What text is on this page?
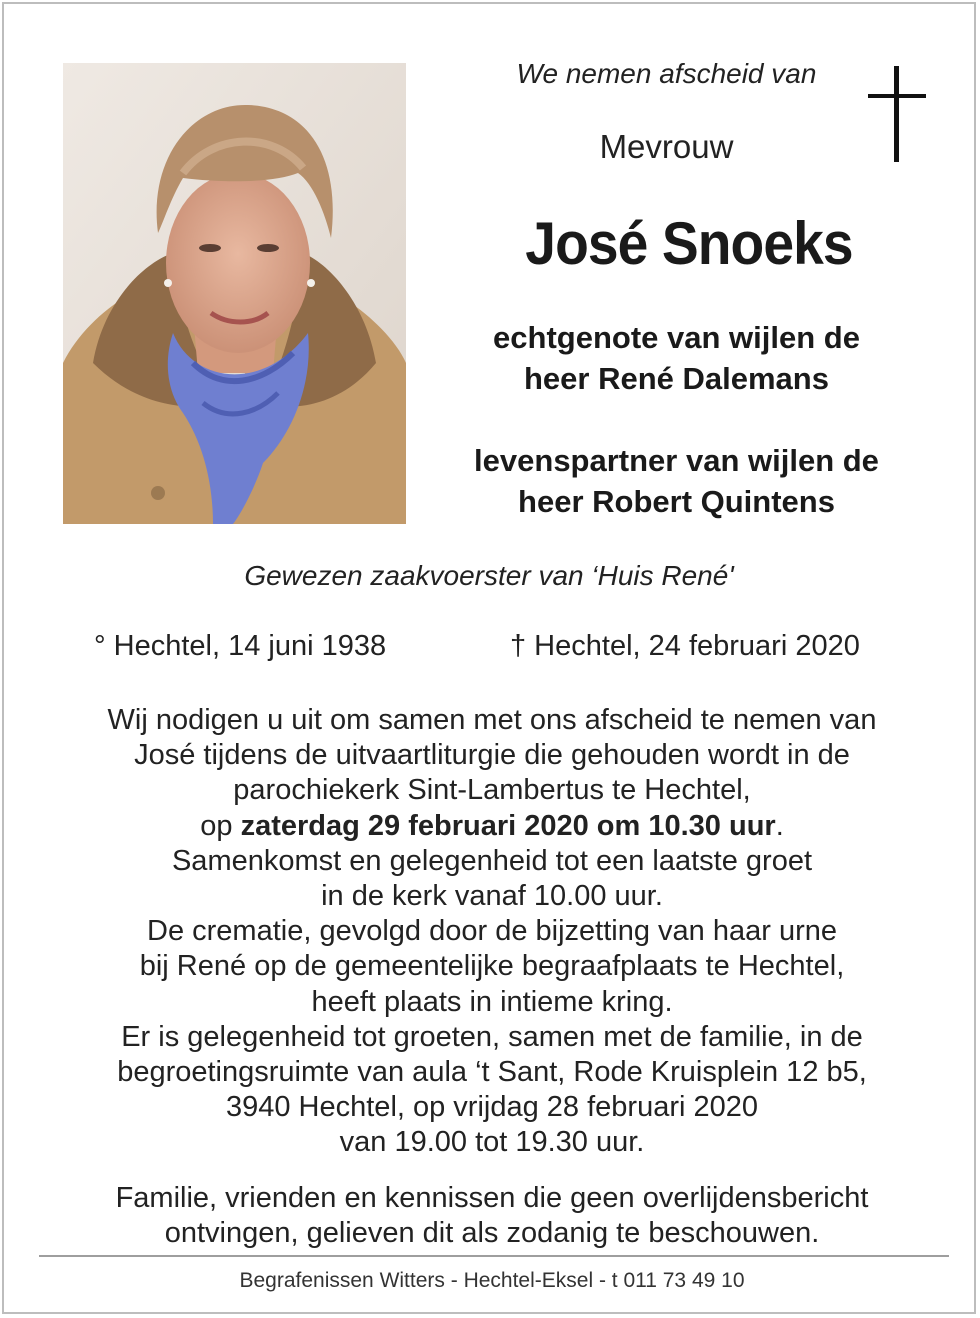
We nemen afscheid van
Mevrouw
José Snoeks
echtgenote van wijlen de
heer René Dalemans
levenspartner van wijlen de
heer Robert Quintens
Gewezen zaakvoerster van ‘Huis René'
° Hechtel, 14 juni 1938	† Hechtel, 24 februari 2020
Wij nodigen u uit om samen met ons afscheid te nemen van
José tijdens de uitvaartliturgie die gehouden wordt in de
parochiekerk Sint-Lambertus te Hechtel,
op zaterdag 29 februari 2020 om 10.30 uur.
Samenkomst en gelegenheid tot een laatste groet
in de kerk vanaf 10.00 uur.
De crematie, gevolgd door de bijzetting van haar urne
bij René op de gemeentelijke begraafplaats te Hechtel,
heeft plaats in intieme kring.
Er is gelegenheid tot groeten, samen met de familie, in de
begroetingsruimte van aula ‘t Sant, Rode Kruisplein 12 b5,
3940 Hechtel, op vrijdag 28 februari 2020
van 19.00 tot 19.30 uur.
Familie, vrienden en kennissen die geen overlijdensbericht
ontvingen, gelieven dit als zodanig te beschouwen.
Begrafenissen Witters - Hechtel-Eksel - t 011 73 49 10
